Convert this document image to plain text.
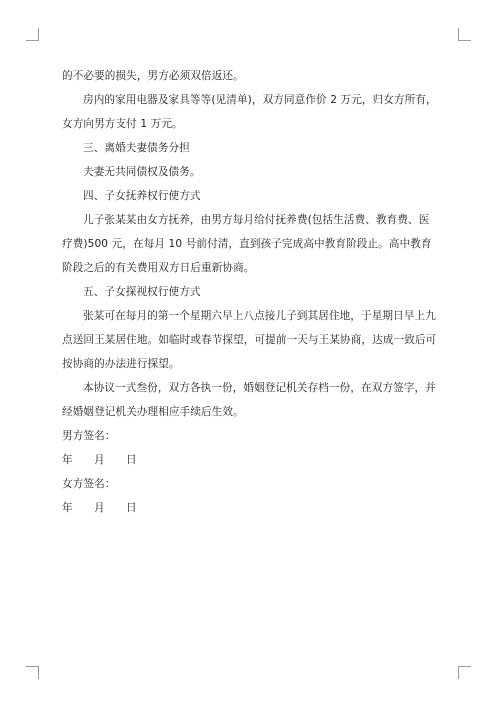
的不必要的损失，男方必须双倍返还。

房内的家用电器及家具等等(见清单)，双方同意作价 2 万元，归女方所有，女方向男方支付 1 万元。

三、离婚夫妻债务分担

夫妻无共同债权及债务。

四、子女抚养权行使方式

儿子张某某由女方抚养，由男方每月给付抚养费(包括生活费、教育费、医疗费)500 元，在每月 10 号前付清，直到孩子完成高中教育阶段止。高中教育阶段之后的有关费用双方日后重新协商。

五、子女探视权行使方式

张某可在每月的第一个星期六早上八点接儿子到其居住地，于星期日早上九点送回王某居住地。如临时或春节探望，可提前一天与王某协商，达成一致后可按协商的办法进行探望。

本协议一式叁份，双方各执一份，婚姻登记机关存档一份，在双方签字，并经婚姻登记机关办理相应手续后生效。

男方签名：

年 月 日

女方签名：

年 月 日
